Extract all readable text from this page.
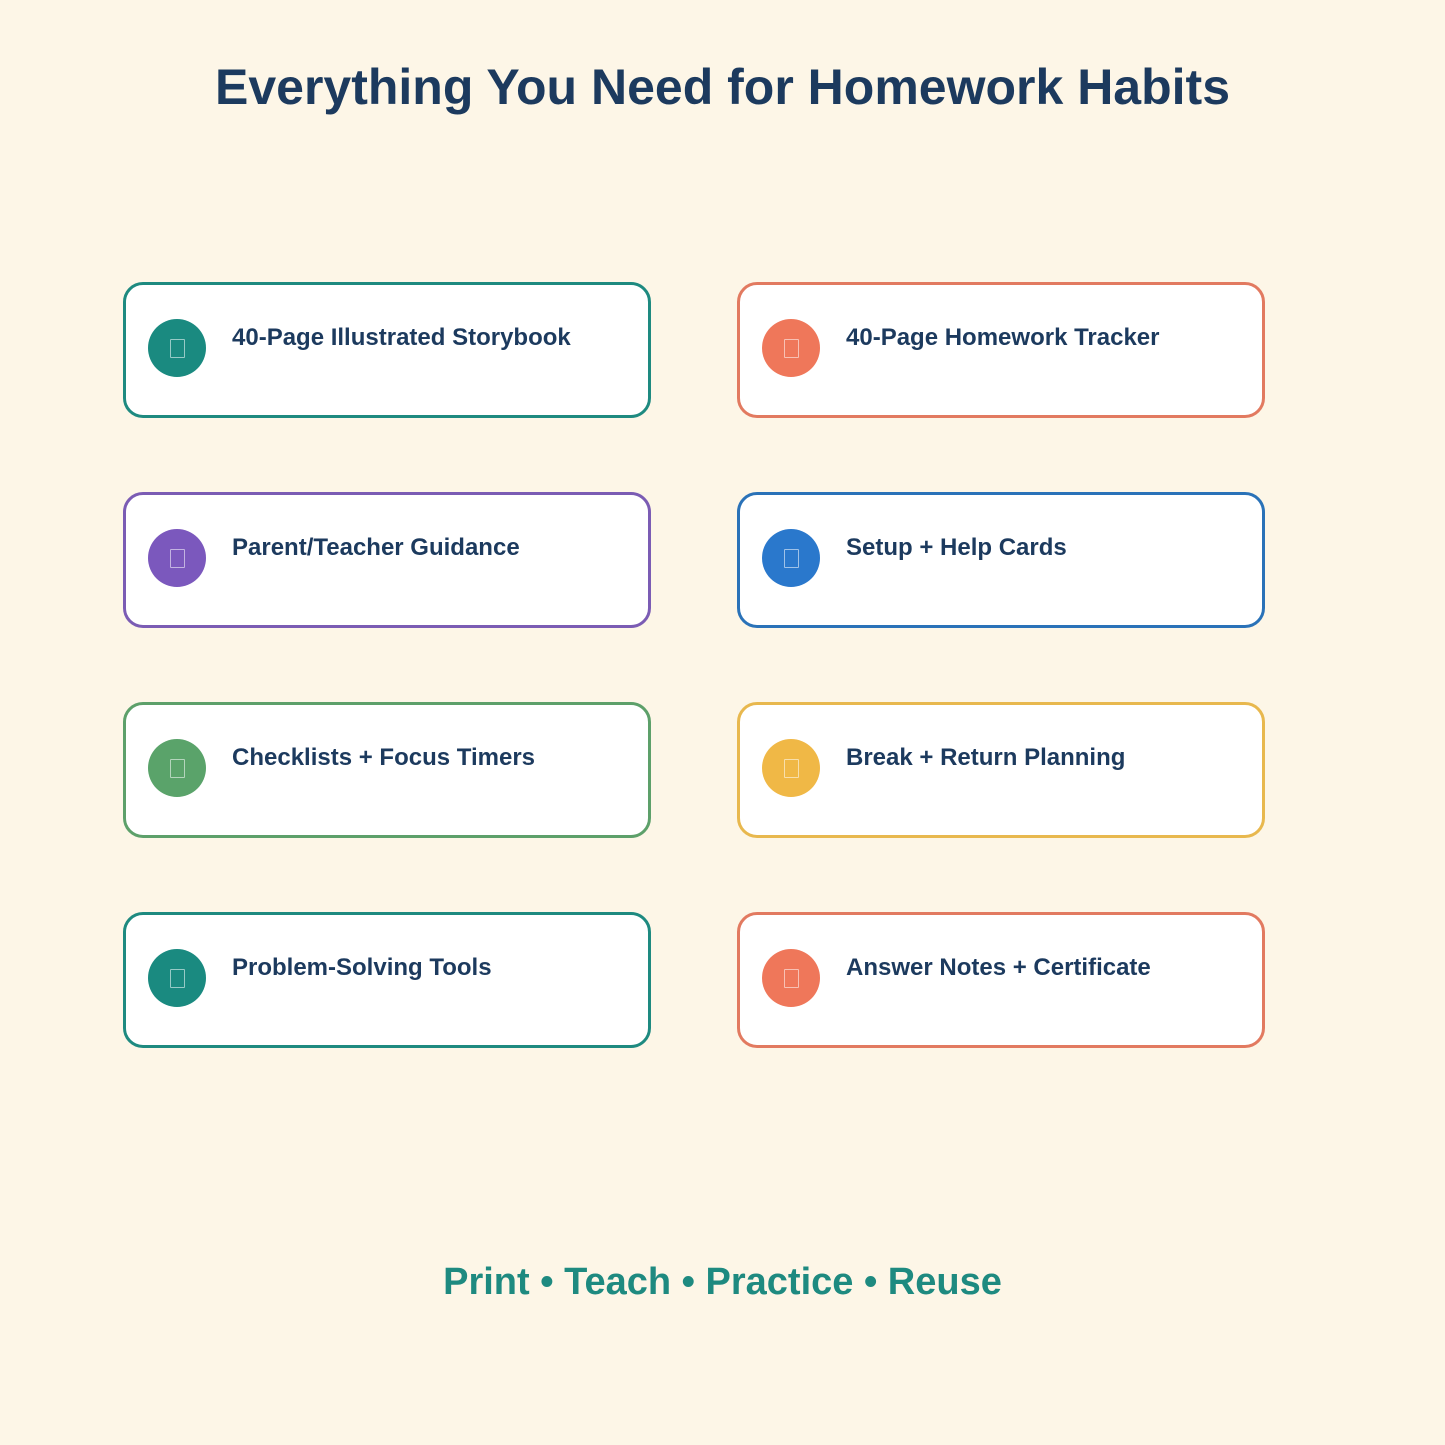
Everything You Need for Homework Habits
40-Page Illustrated Storybook	40-Page Homework Tracker
Parent/Teacher Guidance	Setup + Help Cards
Checklists + Focus Timers	Break + Return Planning
Problem-Solving Tools	Answer Notes + Certificate
Print • Teach • Practice • Reuse
